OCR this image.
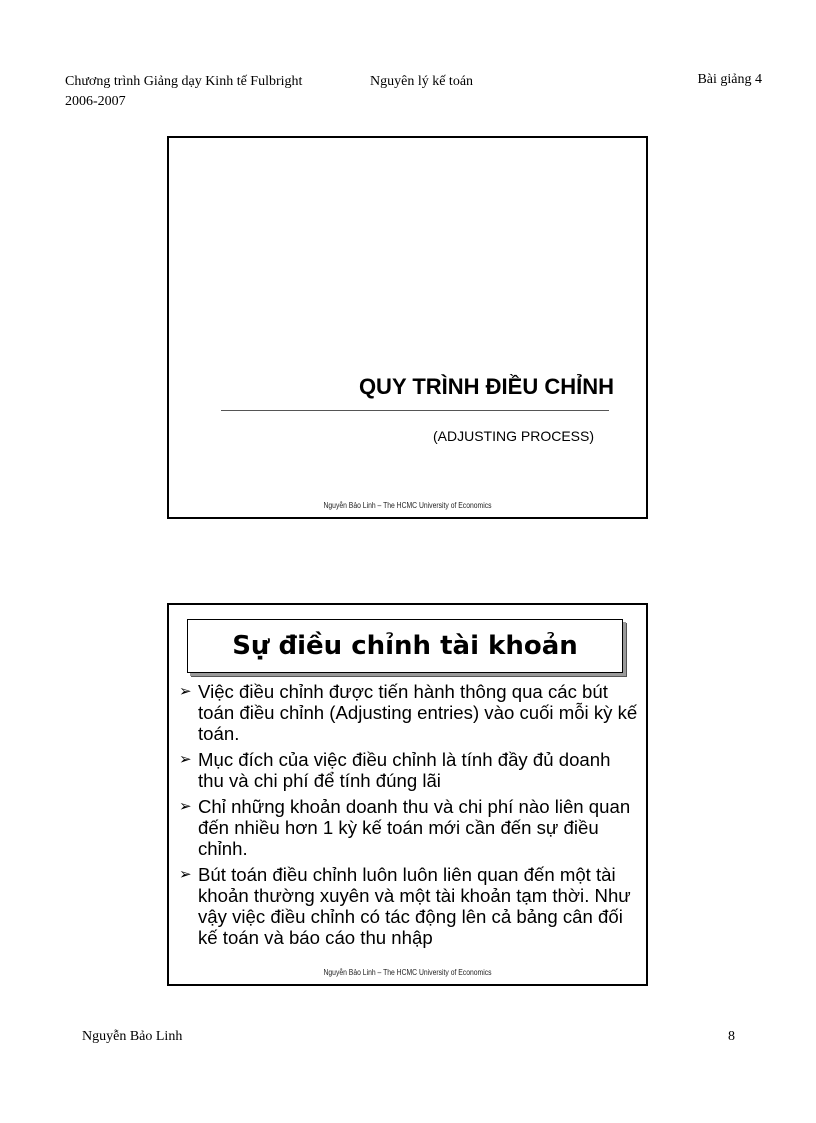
Chương trình Giảng dạy Kinh tế Fulbright
2006-2007
Nguyên lý kế toán	Bài giảng 4
QUY TRÌNH ĐIỀU CHỈNH
(ADJUSTING PROCESS)
Nguyễn Bảo Linh – The HCMC University of Economics
Sự điều chỉnh tài khoản
➢ Việc điều chỉnh được tiến hành thông qua các bút toán điều chỉnh (Adjusting entries) vào cuối mỗi kỳ kế toán.
➢ Mục đích của việc điều chỉnh là tính đầy đủ doanh thu và chi phí để tính đúng lãi
➢ Chỉ những khoản doanh thu và chi phí nào liên quan đến nhiều hơn 1 kỳ kế toán mới cần đến sự điều chỉnh.
➢ Bút toán điều chỉnh luôn luôn liên quan đến một tài khoản thường xuyên và một tài khoản tạm thời. Như vậy việc điều chỉnh có tác động lên cả bảng cân đối kế toán và báo cáo thu nhập
Nguyễn Bảo Linh – The HCMC University of Economics
Nguyễn Bảo Linh	8
